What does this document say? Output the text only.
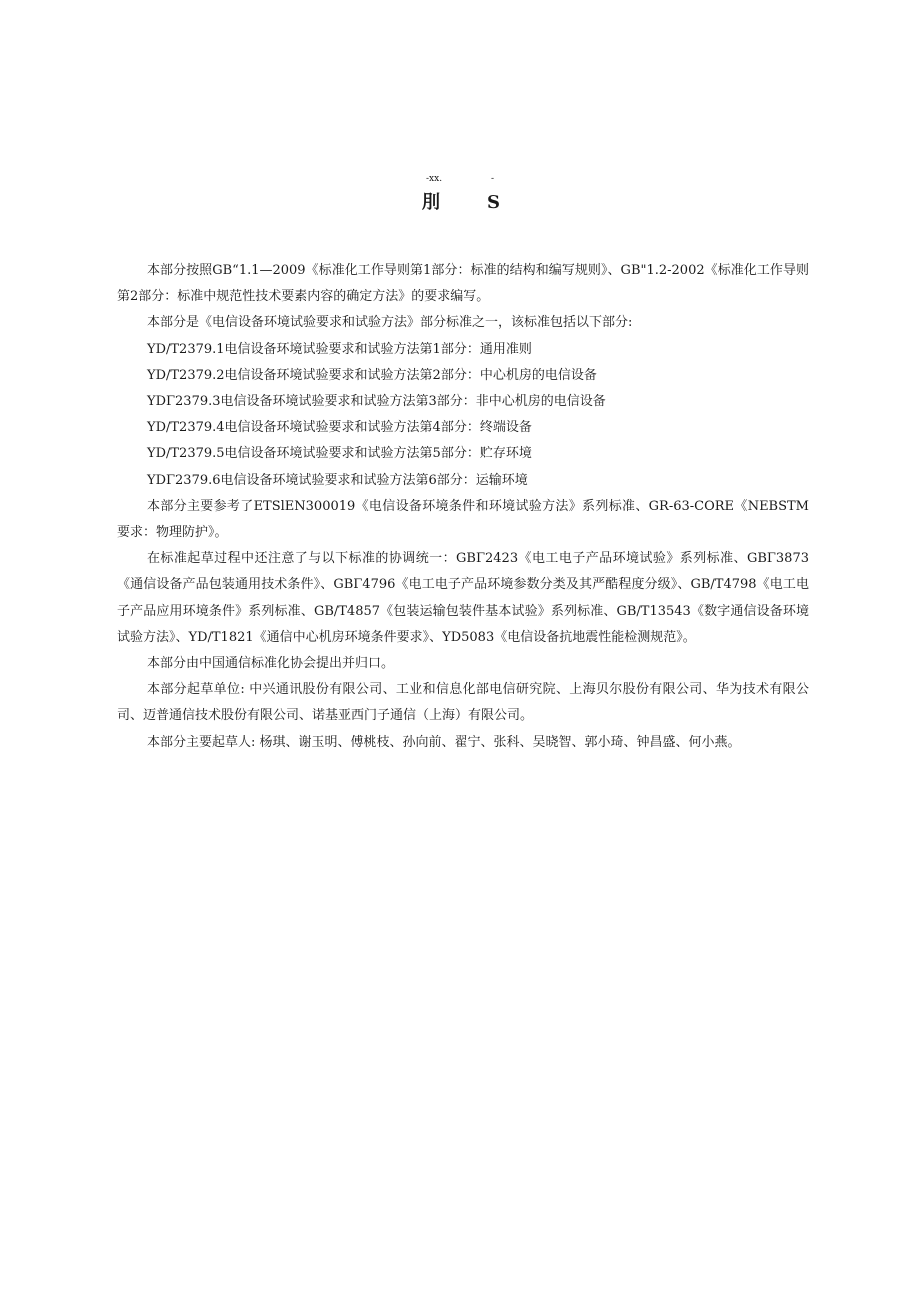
-xx.	-
刖	S

本部分按照GB“1.1—2009《标准化工作导则第1部分：标准的结构和编写规则》、GB"1.2-2002《标准化工作导则第2部分：标准中规范性技术要素内容的确定方法》的要求编写。

本部分是《电信设备环境试验要求和试验方法》部分标准之一，该标准包括以下部分:

YD/T2379.1电信设备环境试验要求和试验方法第1部分：通用准则

YD/T2379.2电信设备环境试验要求和试验方法第2部分：中心机房的电信设备

YDΓ2379.3电信设备环境试验要求和试验方法第3部分：非中心机房的电信设备

YD/T2379.4电信设备环境试验要求和试验方法第4部分：终端设备

YD/T2379.5电信设备环境试验要求和试验方法第5部分：贮存环境

YDΓ2379.6电信设备环境试验要求和试验方法第6部分：运输环境

本部分主要参考了ETSlEN300019《电信设备环境条件和环境试验方法》系列标准、GR-63-CORE《NEBSTM要求：物理防护》。

在标准起草过程中还注意了与以下标准的协调统一：GBΓ2423《电工电子产品环境试验》系列标准、GBΓ3873《通信设备产品包装通用技术条件》、GBΓ4796《电工电子产品环境参数分类及其严酷程度分级》、GB/T4798《电工电子产品应用环境条件》系列标准、GB/T4857《包装运输包装件基本试验》系列标准、GB/T13543《数字通信设备环境试验方法》、YD/T1821《通信中心机房环境条件要求》、YD5083《电信设备抗地震性能检测规范》。

本部分由中国通信标准化协会提出并归口。

本部分起草单位: 中兴通讯股份有限公司、工业和信息化部电信研究院、上海贝尔股份有限公司、华为技术有限公司、迈普通信技术股份有限公司、诺基亚西门子通信（上海）有限公司。

本部分主要起草人: 杨琪、谢玉明、傅桃枝、孙向前、翟宁、张科、吴晓智、郭小琦、钟昌盛、何小燕。
